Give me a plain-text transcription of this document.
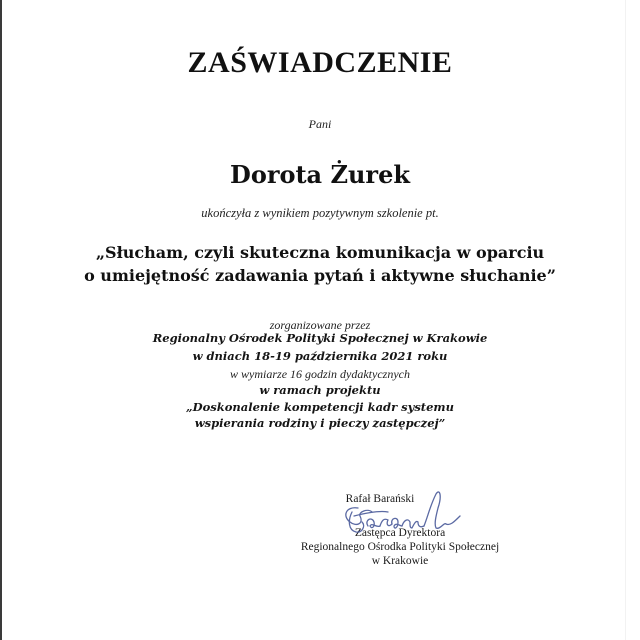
ZAŚWIADCZENIE
Pani
Dorota Żurek
ukończyła z wynikiem pozytywnym szkolenie pt.
„Słucham, czyli skuteczna komunikacja w oparciu
o umiejętność zadawania pytań i aktywne słuchanie”
zorganizowane przez
Regionalny Ośrodek Polityki Społecznej w Krakowie
w dniach 18-19 października 2021 roku
w wymiarze 16 godzin dydaktycznych
w ramach projektu
„Doskonalenie kompetencji kadr systemu
wspierania rodziny i pieczy zastępczej”
Rafał Barański
Zastępca Dyrektora
Regionalnego Ośrodka Polityki Społecznej
w Krakowie
